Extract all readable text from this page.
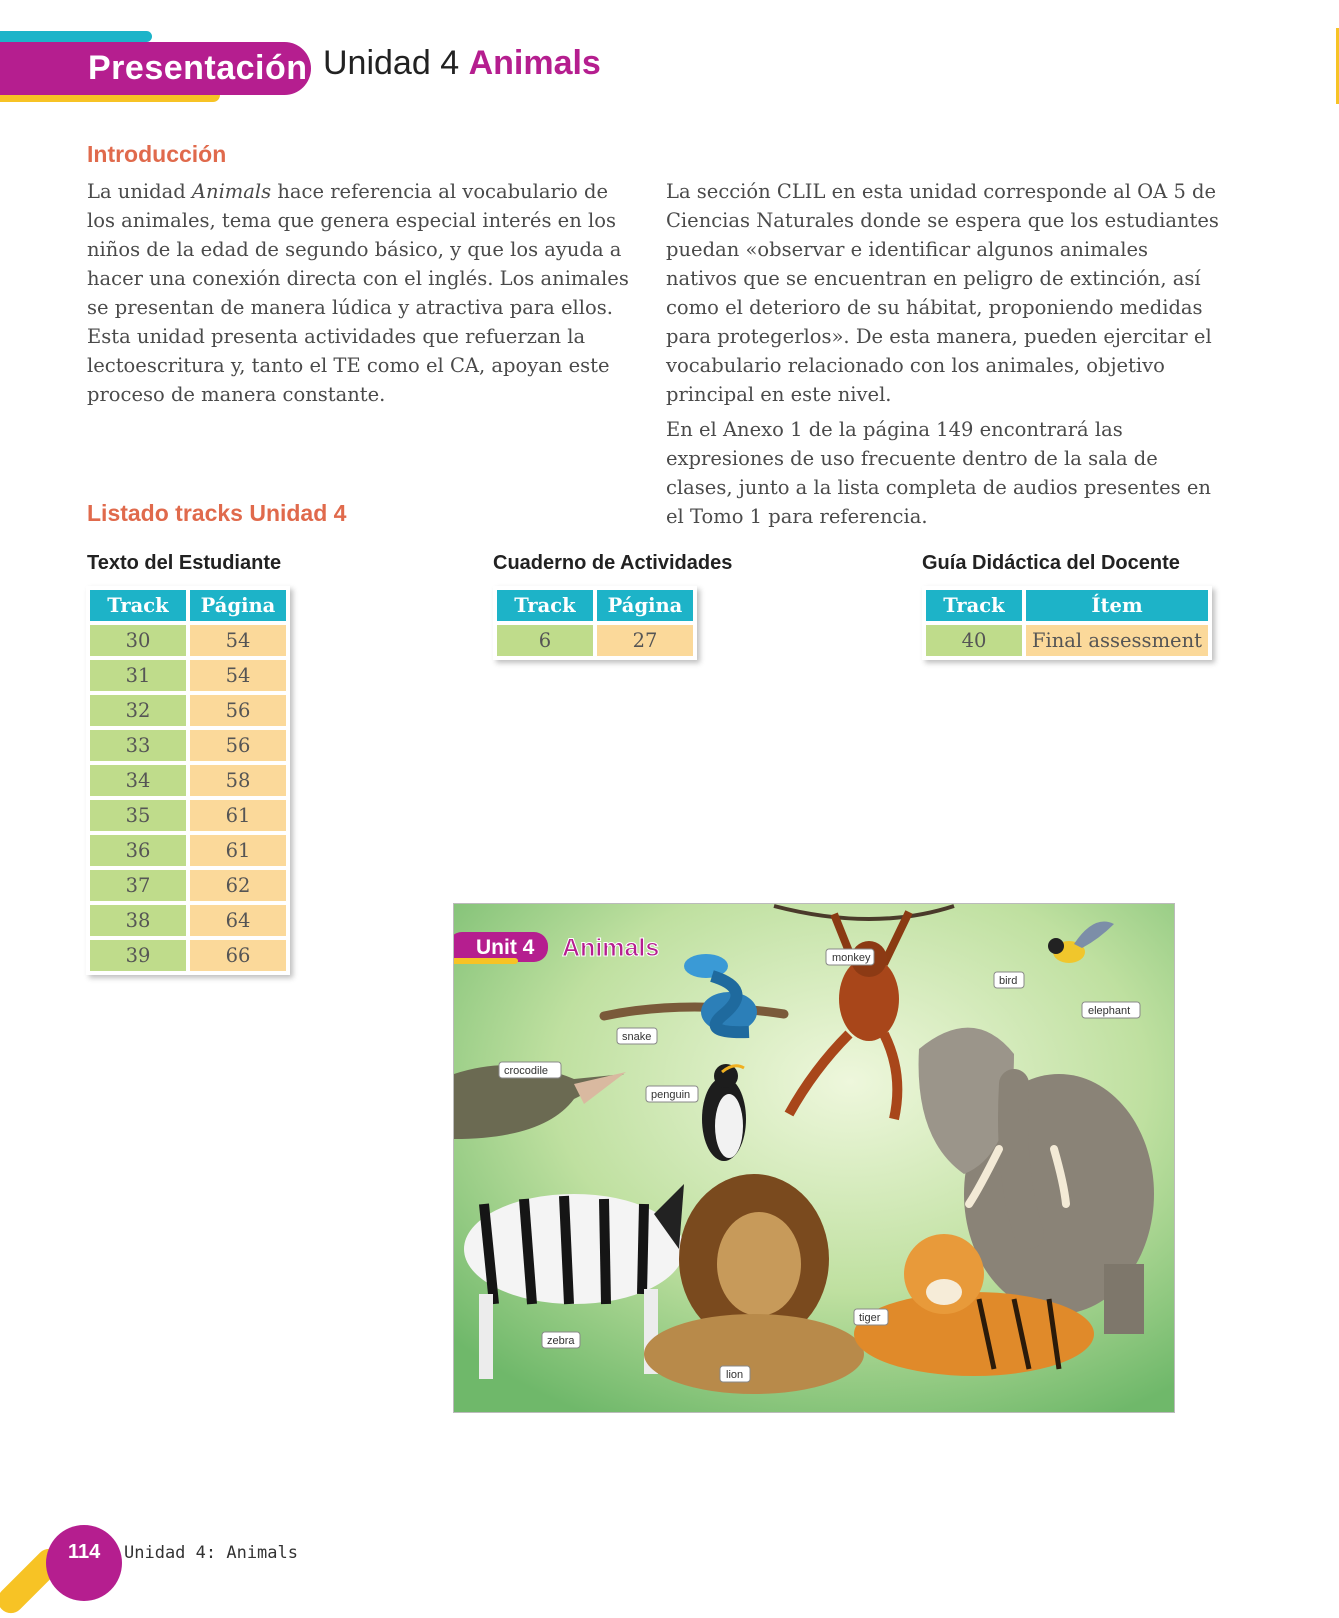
Presentación Unidad 4 Animals
Introducción

La unidad Animals hace referencia al vocabulario de los animales, tema que genera especial interés en los niños de la edad de segundo básico, y que los ayuda a hacer una conexión directa con el inglés. Los animales se presentan de manera lúdica y atractiva para ellos. Esta unidad presenta actividades que refuerzan la lectoescritura y, tanto el TE como el CA, apoyan este proceso de manera constante.

La sección CLIL en esta unidad corresponde al OA 5 de Ciencias Naturales donde se espera que los estudiantes puedan «observar e identificar algunos animales nativos que se encuentran en peligro de extinción, así como el deterioro de su hábitat, proponiendo medidas para protegerlos». De esta manera, pueden ejercitar el vocabulario relacionado con los animales, objetivo principal en este nivel.

En el Anexo 1 de la página 149 encontrará las expresiones de uso frecuente dentro de la sala de clases, junto a la lista completa de audios presentes en el Tomo 1 para referencia.

Listado tracks Unidad 4
Texto del Estudiante	Cuaderno de Actividades	Guía Didáctica del Docente
Track	Página
30	54
31	54
32	56
33	56
34	58
35	61
36	61
37	62
38	64
39	66
Track	Página
6	27
Track	Ítem
40	Final assessment
Unit 4 Animals	monkey
bird
elephant
snake
crocodile
penguin
tiger
zebra
lion
114 Unidad 4: Animals
